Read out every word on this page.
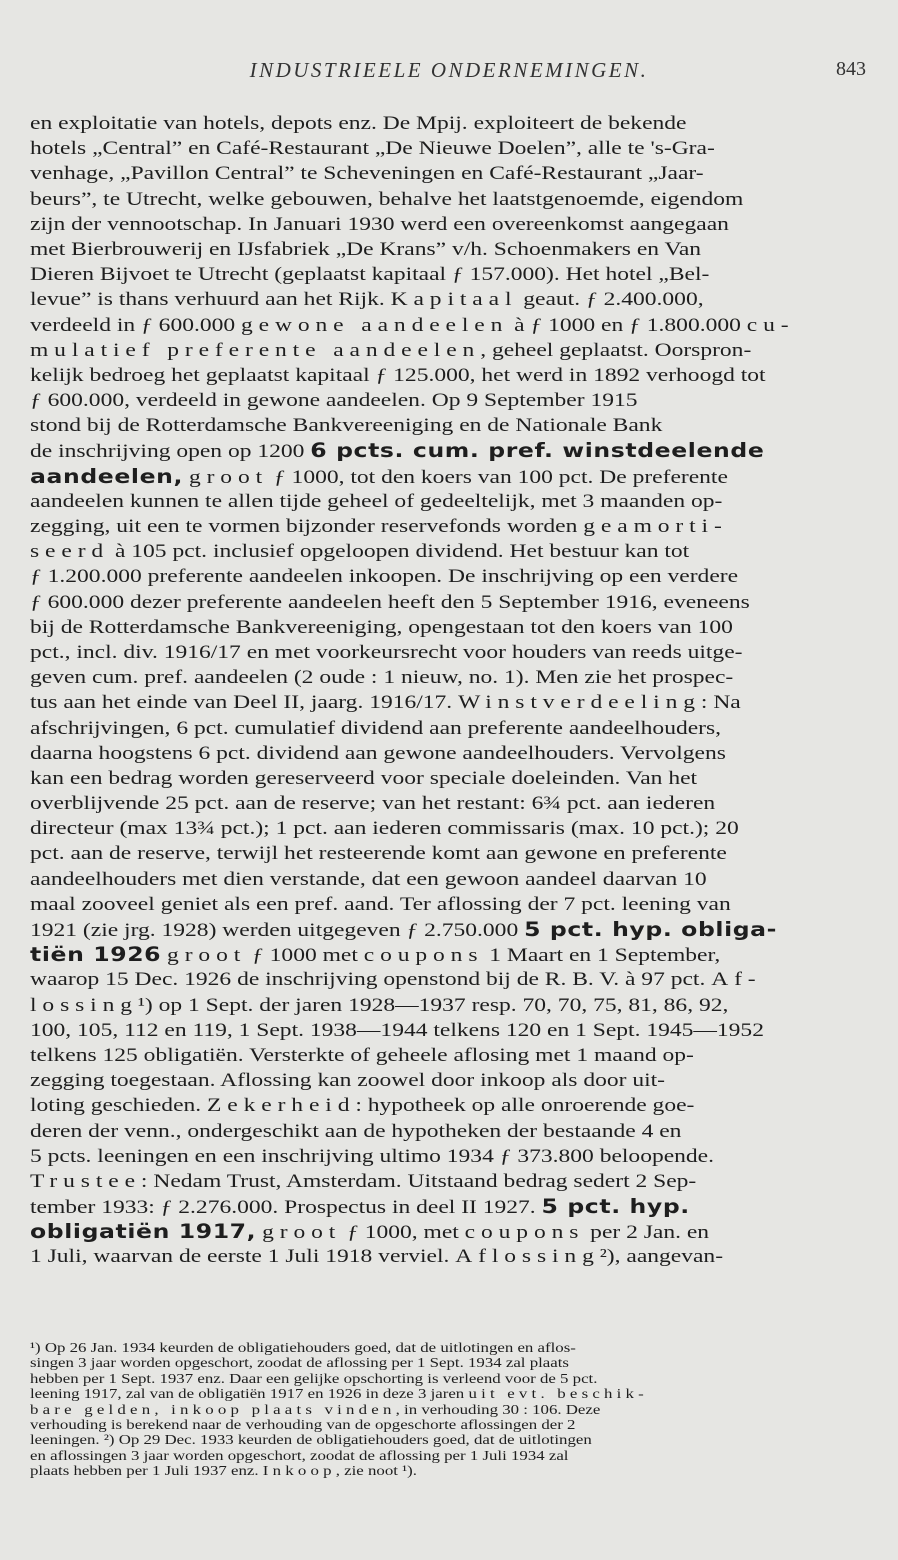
INDUSTRIEELE ONDERNEMINGEN.	843
en exploitatie van hotels, depots enz. De Mpij. exploiteert de bekende
hotels „Central” en Café-Restaurant „De Nieuwe Doelen”, alle te 's-Gra-
venhage, „Pavillon Central” te Scheveningen en Café-Restaurant „Jaar-
beurs”, te Utrecht, welke gebouwen, behalve het laatstgenoemde, eigendom
zijn der vennootschap. In Januari 1930 werd een overeenkomst aangegaan
met Bierbrouwerij en IJsfabriek „De Krans” v/h. Schoenmakers en Van
Dieren Bijvoet te Utrecht (geplaatst kapitaal ƒ 157.000). Het hotel „Bel-
levue” is thans verhuurd aan het Rijk. Kapitaal geaut. ƒ 2.400.000,
verdeeld in ƒ 600.000 gewone aandeelen à ƒ 1000 en ƒ 1.800.000 cu-
mulatief preferente aandeelen, geheel geplaatst. Oorspron-
kelijk bedroeg het geplaatst kapitaal ƒ 125.000, het werd in 1892 verhoogd tot
ƒ 600.000, verdeeld in gewone aandeelen. Op 9 September 1915
stond bij de Rotterdamsche Bankvereeniging en de Nationale Bank
de inschrijving open op 1200 6 pcts. cum. pref. winstdeelende
aandeelen, groot ƒ 1000, tot den koers van 100 pct. De preferente
aandeelen kunnen te allen tijde geheel of gedeeltelijk, met 3 maanden op-
zegging, uit een te vormen bijzonder reservefonds worden geamorti-
seerd à 105 pct. inclusief opgeloopen dividend. Het bestuur kan tot
ƒ 1.200.000 preferente aandeelen inkoopen. De inschrijving op een verdere
ƒ 600.000 dezer preferente aandeelen heeft den 5 September 1916, eveneens
bij de Rotterdamsche Bankvereeniging, opengestaan tot den koers van 100
pct., incl. div. 1916/17 en met voorkeursrecht voor houders van reeds uitge-
geven cum. pref. aandeelen (2 oude : 1 nieuw, no. 1). Men zie het prospec-
tus aan het einde van Deel II, jaarg. 1916/17. Winstverdeeling: Na
afschrijvingen, 6 pct. cumulatief dividend aan preferente aandeelhouders,
daarna hoogstens 6 pct. dividend aan gewone aandeelhouders. Vervolgens
kan een bedrag worden gereserveerd voor speciale doeleinden. Van het
overblijvende 25 pct. aan de reserve; van het restant: 6¾ pct. aan iederen
directeur (max 13¾ pct.); 1 pct. aan iederen commissaris (max. 10 pct.); 20
pct. aan de reserve, terwijl het resteerende komt aan gewone en preferente
aandeelhouders met dien verstande, dat een gewoon aandeel daarvan 10
maal zooveel geniet als een pref. aand. Ter aflossing der 7 pct. leening van
1921 (zie jrg. 1928) werden uitgegeven ƒ 2.750.000 5 pct. hyp. obliga-
tiën 1926 groot ƒ 1000 met coupons 1 Maart en 1 September,
waarop 15 Dec. 1926 de inschrijving openstond bij de R. B. V. à 97 pct. Af-
lossing¹) op 1 Sept. der jaren 1928—1937 resp. 70, 70, 75, 81, 86, 92,
100, 105, 112 en 119, 1 Sept. 1938—1944 telkens 120 en 1 Sept. 1945—1952
telkens 125 obligatiën. Versterkte of geheele aflosing met 1 maand op-
zegging toegestaan. Aflossing kan zoowel door inkoop als door uit-
loting geschieden. Zekerheid: hypotheek op alle onroerende goe-
deren der venn., ondergeschikt aan de hypotheken der bestaande 4 en
5 pcts. leeningen en een inschrijving ultimo 1934 ƒ 373.800 beloopende.
Trustee: Nedam Trust, Amsterdam. Uitstaand bedrag sedert 2 Sep-
tember 1933: ƒ 2.276.000. Prospectus in deel II 1927. 5 pct. hyp.
obligatiën 1917, groot ƒ 1000, met coupons per 2 Jan. en
1 Juli, waarvan de eerste 1 Juli 1918 verviel. Aflossing²), aangevan-
¹) Op 26 Jan. 1934 keurden de obligatiehouders goed, dat de uitlotingen en aflos-
singen 3 jaar worden opgeschort, zoodat de aflossing per 1 Sept. 1934 zal plaats
hebben per 1 Sept. 1937 enz. Daar een gelijke opschorting is verleend voor de 5 pct.
leening 1917, zal van de obligatiën 1917 en 1926 in deze 3 jaren uit evt. beschik-
bare gelden, inkoop plaats vinden, in verhouding 30 : 106. Deze
verhouding is berekend naar de verhouding van de opgeschorte aflossingen der 2
leeningen. ²) Op 29 Dec. 1933 keurden de obligatiehouders goed, dat de uitlotingen
en aflossingen 3 jaar worden opgeschort, zoodat de aflossing per 1 Juli 1934 zal
plaats hebben per 1 Juli 1937 enz. Inkoop, zie noot ¹).
